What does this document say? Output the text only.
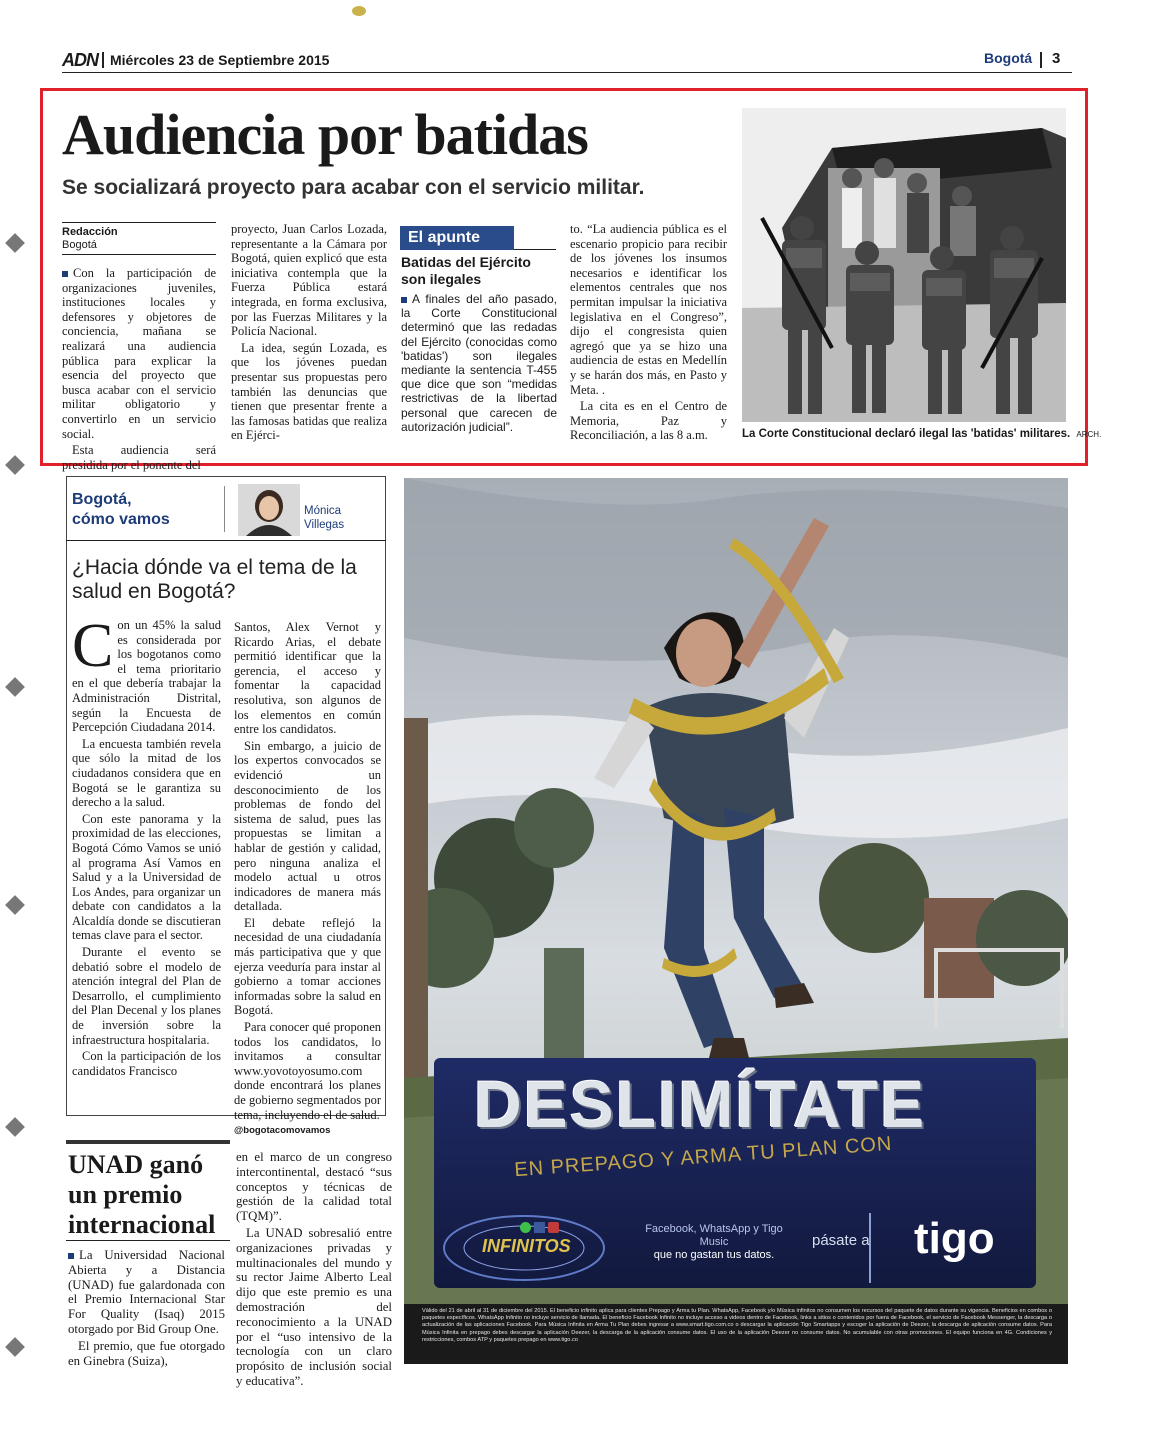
ADN Miércoles 23 de Septiembre 2015	Bogotá 3
Audiencia por batidas
Se socializará proyecto para acabar con el servicio militar.
Redacción
Bogotá

Con la participación de organizaciones juveniles, instituciones locales y defensores y objetores de conciencia, mañana se realizará una audiencia pública para explicar la esencia del proyecto que busca acabar con el servicio militar obligatorio y convertirlo en un servicio social.

Esta audiencia será presidida por el ponente del

proyecto, Juan Carlos Lozada, representante a la Cámara por Bogotá, quien explicó que esta iniciativa contempla que la Fuerza Pública estará integrada, en forma exclusiva, por las Fuerzas Militares y la Policía Nacional.

La idea, según Lozada, es que los jóvenes puedan presentar sus propuestas pero también las denuncias que tienen que presentar frente a las famosas batidas que realiza en Ejérci-

El apunte
Batidas del Ejército son ilegales

A finales del año pasado, la Corte Constitucional determinó que las redadas del Ejército (conocidas como 'batidas') son ilegales mediante la sentencia T-455 que dice que son “medidas restrictivas de la libertad personal que carecen de autorización judicial”.

to. “La audiencia pública es el escenario propicio para recibir de los jóvenes los insumos necesarios e identificar los elementos centrales que nos permitan impulsar la iniciativa legislativa en el Congreso”, dijo el congresista quien agregó que ya se hizo una audiencia de estas en Medellín y se harán dos más, en Pasto y Meta. .

La cita es en el Centro de Memoria, Paz y Reconciliación, a las 8 a.m.	La Corte Constitucional declaró ilegal las 'batidas' militares. ARCH.
Bogotá,
cómo vamos	Mónica
Villegas
¿Hacia dónde va el tema de la salud en Bogotá?

Con un 45% la salud es considerada por los bogotanos como el tema prioritario en el que debería trabajar la Administración Distrital, según la Encuesta de Percepción Ciudadana 2014.

La encuesta también revela que sólo la mitad de los ciudadanos considera que en Bogotá se le garantiza su derecho a la salud.

Con este panorama y la proximidad de las elecciones, Bogotá Cómo Vamos se unió al programa Así Vamos en Salud y a la Universidad de Los Andes, para organizar un debate con candidatos a la Alcaldía donde se discutieran temas clave para el sector.

Durante el evento se debatió sobre el modelo de atención integral del Plan de Desarrollo, el cumplimiento del Plan Decenal y los planes de inversión sobre la infraestructura hospitalaria.

Con la participación de los candidatos Francisco

Santos, Alex Vernot y Ricardo Arias, el debate permitió identificar que la gerencia, el acceso y fomentar la capacidad resolutiva, son algunos de los elementos en común entre los candidatos.

Sin embargo, a juicio de los expertos convocados se evidenció un desconocimiento de los problemas de fondo del sistema de salud, pues las propuestas se limitan a hablar de gestión y calidad, pero ninguna analiza el modelo actual u otros indicadores de manera más detallada.

El debate reflejó la necesidad de una ciudadanía más participativa que y que ejerza veeduría para instar al gobierno a tomar acciones informadas sobre la salud en Bogotá.

Para conocer qué proponen todos los candidatos, lo invitamos a consultar www.yovotoyosumo.com donde encontrará los planes de gobierno segmentados por tema, incluyendo el de salud.

@bogotacomovamos
UNAD ganó
un premio
internacional

La Universidad Nacional Abierta y a Distancia (UNAD) fue galardonada con el Premio Internacional Star For Quality (Isaq) 2015 otorgado por Bid Group One.

El premio, que fue otorgado en Ginebra (Suiza),

en el marco de un congreso intercontinental, destacó “sus conceptos y técnicas de gestión de la calidad total (TQM)”.

La UNAD sobresalió entre organizaciones privadas y multinacionales del mundo y su rector Jaime Alberto Leal dijo que este premio es una demostración del reconocimiento a la UNAD por el “uso intensivo de la tecnología con un claro propósito de inclusión social y educativa”.

DESLIMÍTATE
EN PREPAGO Y ARMA TU PLAN CON
INFINITOS

Facebook, WhatsApp y Tigo Music
que no gastan tus datos.
pásate a tigo
Válido del 21 de abril al 31 de diciembre del 2015. El beneficio infinito aplica para clientes Prepago y Arma tu Plan. WhatsApp, Facebook y/o Música infinitos no consumen los recursos del paquete de datos durante su vigencia. Beneficios en combos o paquetes específicos. WhatsApp Infinito no incluye servicio de llamada. El beneficio Facebook Infinito no incluye acceso a videos dentro de Facebook, links a sitios o contenidos por fuera de Facebook, el servicio de Facebook Messenger, la descarga o actualización de las aplicaciones Facebook. Para Música Infinita en Arma Tu Plan debes ingresar a www.smart.tigo.com.co o descargar la aplicación Tigo Smartapps y escoger la aplicación de Deezer, la descarga de aplicación consume datos. Para Música Infinita en prepago debes descargar la aplicación Deezer, la descarga de la aplicación consume datos. El uso de la aplicación Deezer no consume datos. No acumulable con otras promociones. El equipo funciona en 4G. Condiciones y restricciones, combos ATP y paquetes prepago en www.tigo.co
